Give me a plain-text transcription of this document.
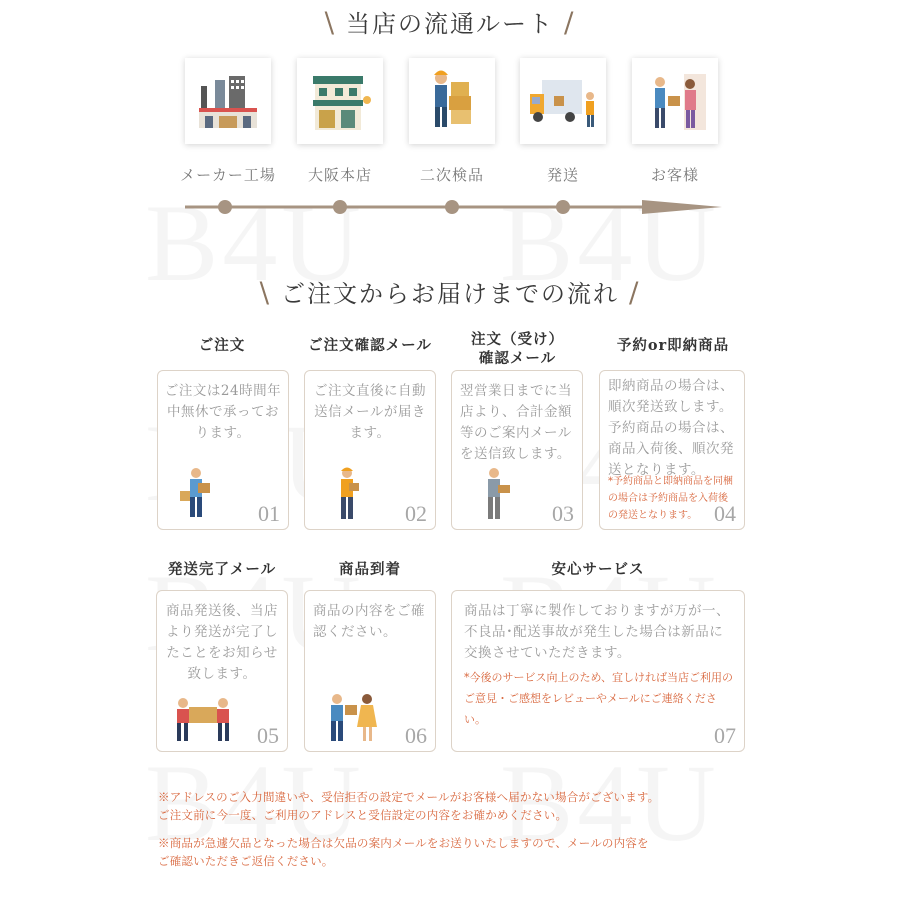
\ 当店の流通ルート /
メーカー工場	大阪本店	二次検品	発送	お客様
\ ご注文からお届けまでの流れ /
ご注文	ご注文確認メール	注文（受け）
確認メール
予約or即納商品
ご注文は24時間年中無休で承っております。
01
ご注文直後に自動送信メールが届きます。
02
翌営業日までに当店より、合計金額等のご案内メールを送信致します。
03
即納商品の場合は、順次発送致します。予約商品の場合は、商品入荷後、順次発送となります。
*予約商品と即納商品を同梱の場合は予約商品を入荷後の発送となります。 04
発送完了メール	商品到着	安心サービス
商品発送後、当店より発送が完了したことをお知らせ致します。
05
商品の内容をご確認ください。
06
商品は丁寧に製作しておりますが万が一、不良品･配送事故が発生した場合は新品に交換させていただきます。
*今後のサービス向上のため、宜しければ当店ご利用のご意見・ご感想をレビューやメールにご連絡ください。
07
※アドレスのご入力間違いや、受信拒否の設定でメールがお客様へ届かない場合がございます。
ご注文前に今一度、ご利用のアドレスと受信設定の内容をお確かめください。
※商品が急遽欠品となった場合は欠品の案内メールをお送りいたしますので、メールの内容を
ご確認いただきご返信ください。
